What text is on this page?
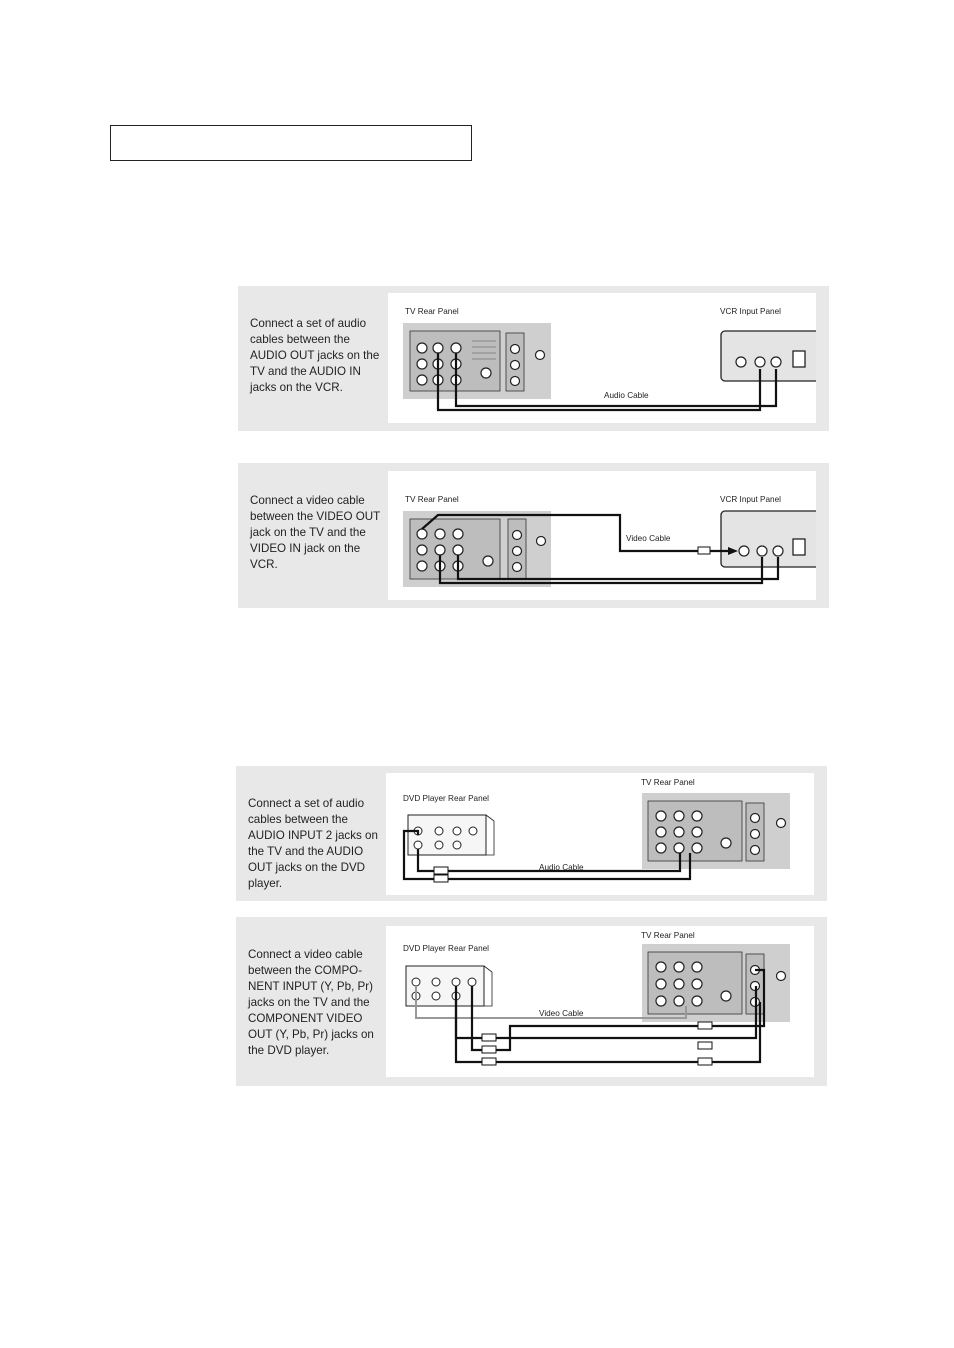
Connect a set of audio
cables between the
AUDIO OUT jacks on the
TV and the AUDIO IN
jacks on the VCR.
TV Rear Panel	VCR Input Panel
Audio Cable
Connect a video cable
between the VIDEO OUT
jack on the TV and the
VIDEO IN jack on the
VCR.
TV Rear Panel	VCR Input Panel
Video Cable
Connect a set of audio
cables between the
AUDIO INPUT 2 jacks on
the TV and the AUDIO
OUT jacks on the DVD
player.
DVD Player Rear Panel
TV Rear Panel
Audio Cable
Connect a video cable
between the COMPO-
NENT INPUT (Y, Pb, Pr)
jacks on the TV and the
COMPONENT VIDEO
OUT (Y, Pb, Pr) jacks on
the DVD player.
DVD Player Rear Panel
TV Rear Panel
Video Cable
